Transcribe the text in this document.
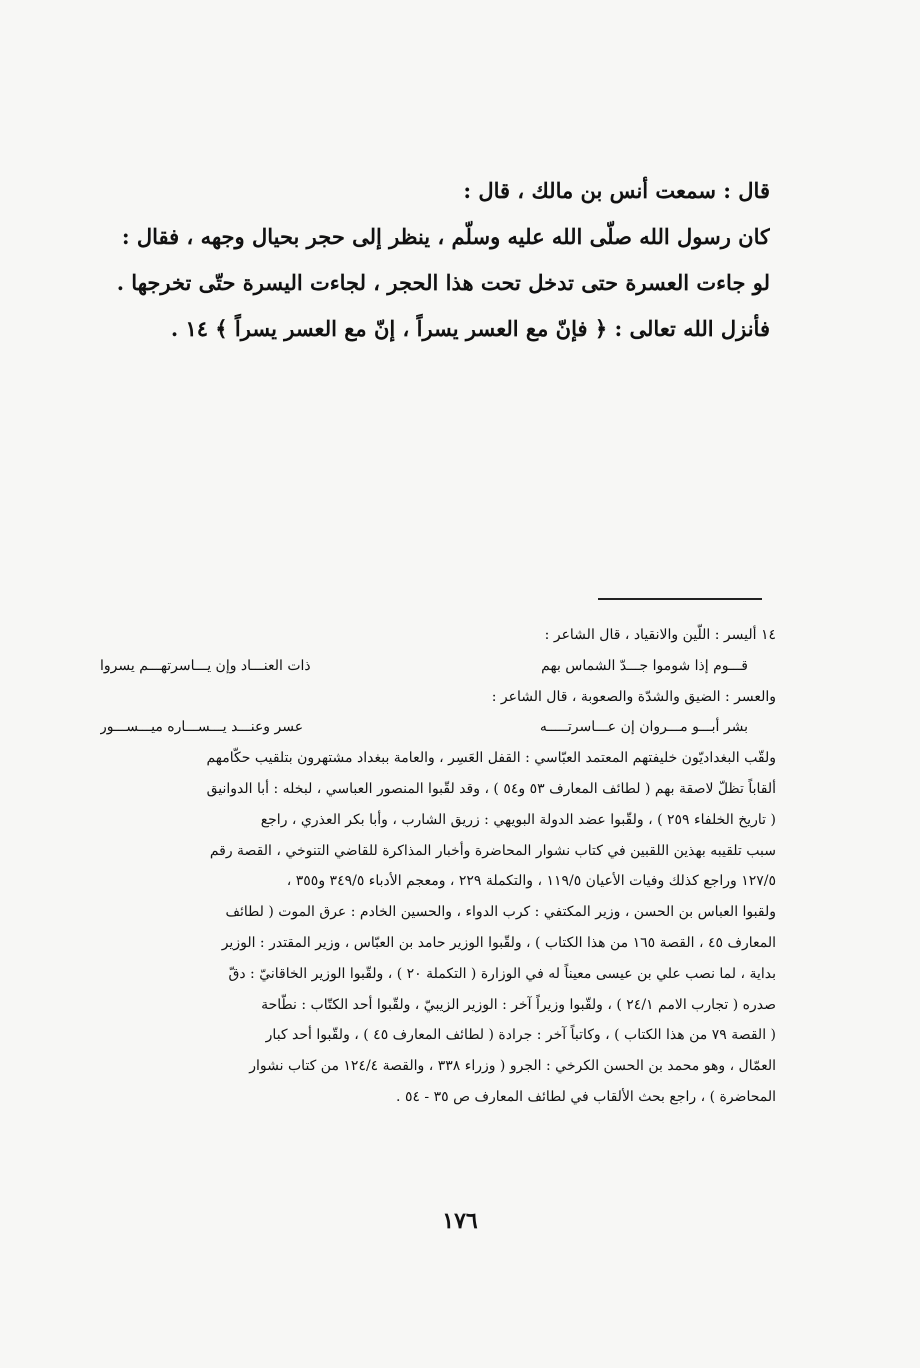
قال : سمعت أنس بن مالك ، قال :
كان رسول الله صلّى الله عليه وسلّم ، ينظر إلى حجر بحيال وجهه ، فقال :
لو جاءت العسرة حتى تدخل تحت هذا الحجر ، لجاءت اليسرة حتّى تخرجها .
فأنزل الله تعالى : ﴿ فإنّ مع العسر يسراً ، إنّ مع العسر يسراً ﴾ ١٤ .
١٤ أليسر : اللّين والانقياد ، قال الشاعر :
قـــوم إذا شوموا جـــدّ الشماس بهم
ذات العنـــاد وإن يـــاسرتهـــم يسروا
والعسر : الضيق والشدّة والصعوبة ، قال الشاعر :
بشر أبـــو مـــروان إن عـــاسرتـــــه
عسر وعنـــد يـــســـاره ميـــســـور
ولقّب البغداديّون خليفتهم المعتمد العبّاسي : القفل العَسِر ، والعامة ببغداد مشتهرون بتلقيب حكّامهم
ألقاباً تظلّ لاصقة بهم ( لطائف المعارف ٥٣ و٥٤ ) ، وقد لقّبوا المنصور العباسي ، لبخله : أبا الدوانيق
( تاريخ الخلفاء ٢٥٩ ) ، ولقّبوا عضد الدولة البويهي : زريق الشارب ، وأبا بكر العذري ، راجع
سبب تلقيبه بهذين اللقبين في كتاب نشوار المحاضرة وأخبار المذاكرة للقاضي التنوخي ، القصة رقم
١٢٧/٥ وراجع كذلك وفيات الأعيان ١١٩/٥ ، والتكملة ٢٢٩ ، ومعجم الأدباء ٣٤٩/٥ و٣٥٥ ،
ولقبوا العباس بن الحسن ، وزير المكتفي : كرب الدواء ، والحسين الخادم : عرق الموت ( لطائف
المعارف ٤٥ ، القصة ١٦٥ من هذا الكتاب ) ، ولقّبوا الوزير حامد بن العبّاس ، وزير المقتدر : الوزير
بداية ، لما نصب علي بن عيسى معيناً له في الوزارة ( التكملة ٢٠ ) ، ولقّبوا الوزير الخاقانيّ : دقّ
صدره ( تجارب الامم ٢٤/١ ) ، ولقّبوا وزيراً آخر : الوزير الزيبيّ ، ولقّبوا أحد الكتّاب : نطّاحة
( القصة ٧٩ من هذا الكتاب ) ، وكاتباً آخر : جرادة ( لطائف المعارف ٤٥ ) ، ولقّبوا أحد كبار
العمّال ، وهو محمد بن الحسن الكرخي : الجرو ( وزراء ٣٣٨ ، والقصة ١٢٤/٤ من كتاب نشوار
المحاضرة ) ، راجع بحث الألقاب في لطائف المعارف ص ٣٥ - ٥٤ .
١٧٦
